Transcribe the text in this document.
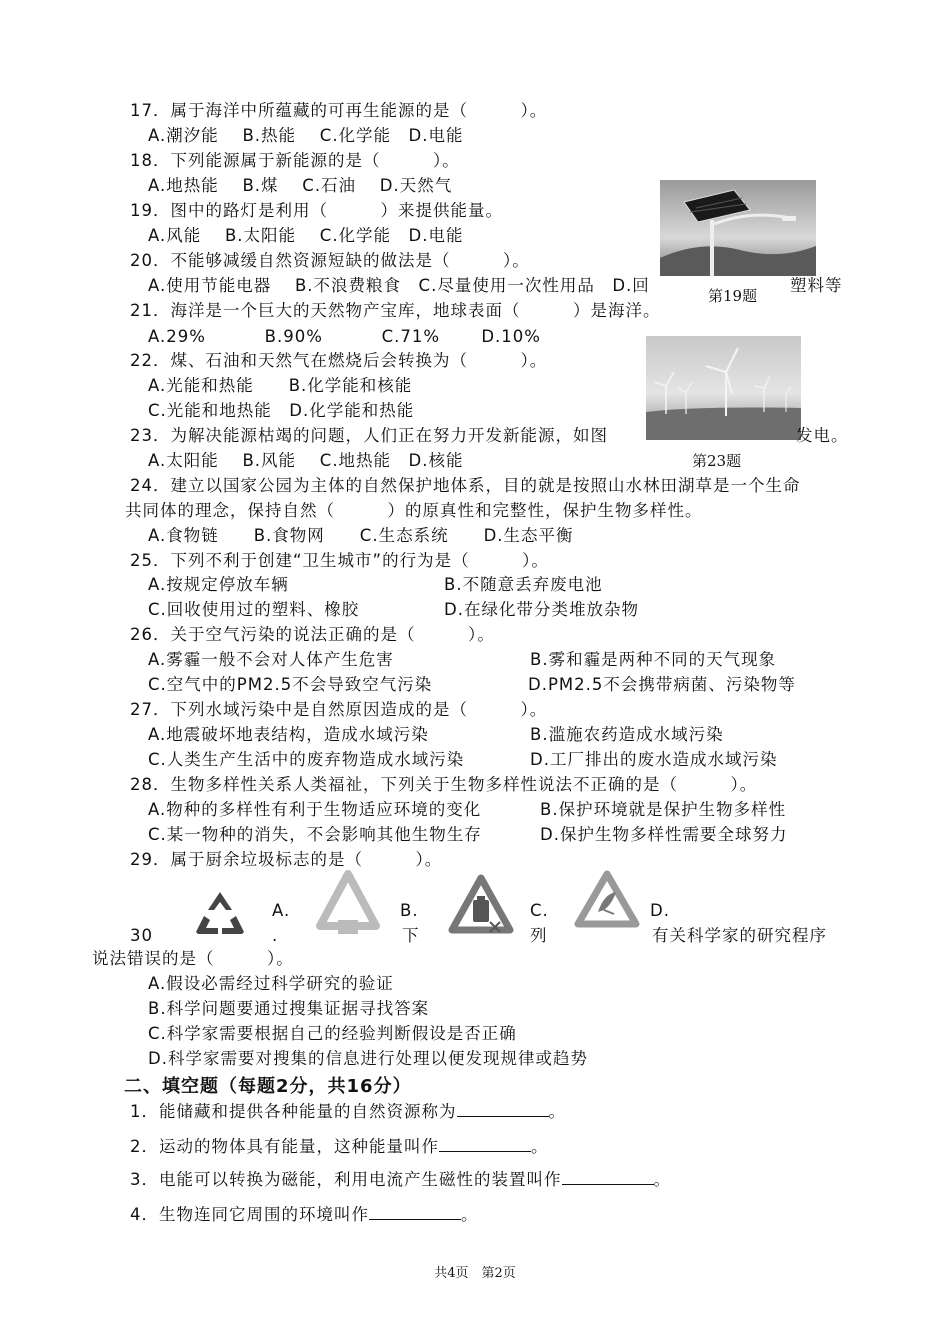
17．属于海洋中所蕴藏的可再生能源的是（　　　）。
A.潮汐能　 B.热能　 C.化学能　D.电能
18．下列能源属于新能源的是（　　　）。
A.地热能　 B.煤　 C.石油　 D.天然气
19．图中的路灯是利用（　　　）来提供能量。
A.风能　 B.太阳能　 C.化学能　D.电能
第19题
20．不能够减缓自然资源短缺的做法是（　　　）。
A.使用节能电器　 B.不浪费粮食　C.尽量使用一次性用品　D.回	塑料等
21．海洋是一个巨大的天然物产宝库，地球表面（　　　）是海洋。
A.29%　　　 B.90%　　　 C.71%　　 D.10%
22．煤、石油和天然气在燃烧后会转换为（　　　）。
A.光能和热能　　B.化学能和核能
C.光能和地热能　D.化学能和热能
23．为解决能源枯竭的问题，人们正在努力开发新能源，如图	发电。
A.太阳能　 B.风能　 C.地热能　D.核能	第23题
24．建立以国家公园为主体的自然保护地体系，目的就是按照山水林田湖草是一个生命
共同体的理念，保持自然（　　　）的原真性和完整性，保护生物多样性。
A.食物链　　B.食物网　　C.生态系统　　D.生态平衡
25．下列不利于创建“卫生城市”的行为是（　　　）。
A.按规定停放车辆	B.不随意丢弃废电池
C.回收使用过的塑料、橡胶	D.在绿化带分类堆放杂物
26．关于空气污染的说法正确的是（　　　）。
A.雾霾一般不会对人体产生危害	B.雾和霾是两种不同的天气现象
C.空气中的PM2.5不会导致空气污染	D.PM2.5不会携带病菌、污染物等
27．下列水域污染中是自然原因造成的是（　　　）。
A.地震破坏地表结构，造成水域污染	B.滥施农药造成水域污染
C.人类生产生活中的废弃物造成水域污染	D.工厂排出的废水造成水域污染
28．生物多样性关系人类福祉，下列关于生物多样性说法不正确的是（　　　）。
A.物种的多样性有利于生物适应环境的变化	B.保护环境就是保护生物多样性
C.某一物种的消失，不会影响其他生物生存	D.保护生物多样性需要全球努力
29．属于厨余垃圾标志的是（　　　）。
A.	B.	C.	D.
30	.	下	列	有关科学家的研究程序
说法错误的是（　　　）。
A.假设必需经过科学研究的验证
B.科学问题要通过搜集证据寻找答案
C.科学家需要根据自己的经验判断假设是否正确
D.科学家需要对搜集的信息进行处理以便发现规律或趋势
二、填空题（每题2分，共16分）
1．能储藏和提供各种能量的自然资源称为	。
2．运动的物体具有能量，这种能量叫作	。
3．电能可以转换为磁能，利用电流产生磁性的装置叫作	。
4．生物连同它周围的环境叫作	。
共4页　第2页
